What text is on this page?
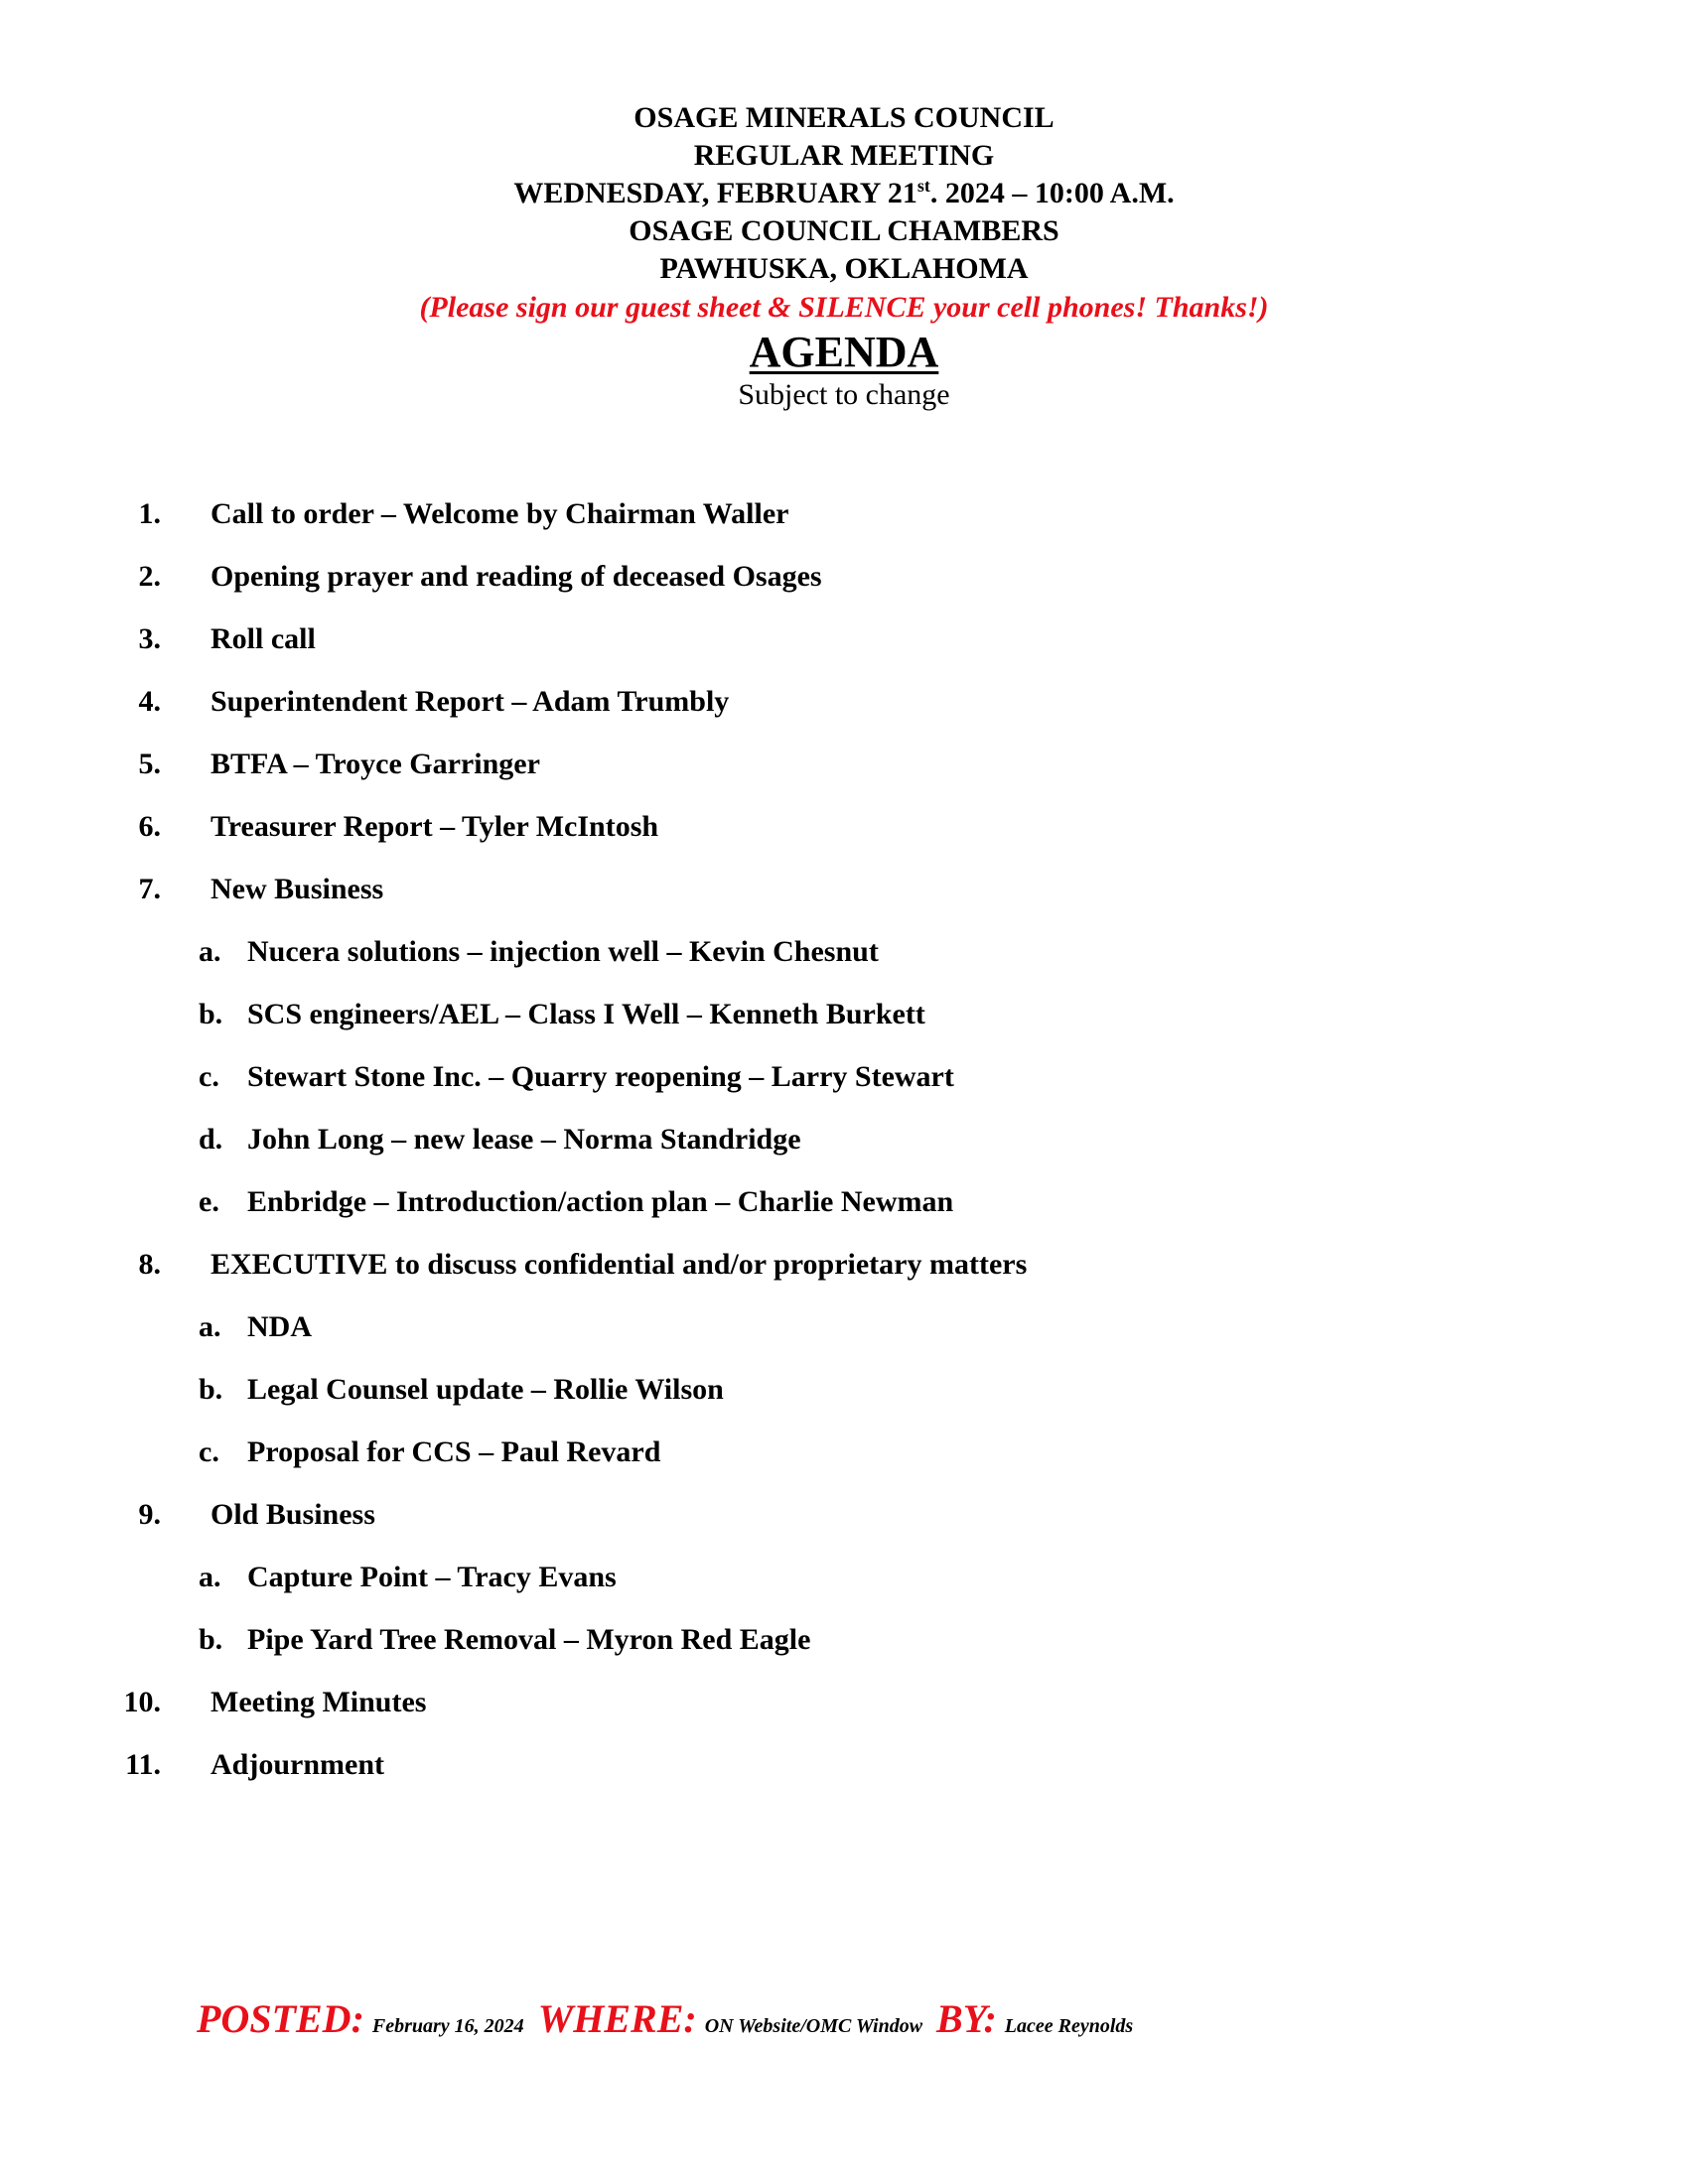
OSAGE MINERALS COUNCIL
REGULAR MEETING
WEDNESDAY, FEBRUARY 21st. 2024 – 10:00 A.M.
OSAGE COUNCIL CHAMBERS
PAWHUSKA, OKLAHOMA
(Please sign our guest sheet & SILENCE your cell phones! Thanks!)
AGENDA
Subject to change
1. Call to order – Welcome by Chairman Waller
2. Opening prayer and reading of deceased Osages
3. Roll call
4. Superintendent Report – Adam Trumbly
5. BTFA – Troyce Garringer
6. Treasurer Report – Tyler McIntosh
7. New Business
a. Nucera solutions – injection well – Kevin Chesnut
b. SCS engineers/AEL – Class I Well – Kenneth Burkett
c. Stewart Stone Inc. – Quarry reopening – Larry Stewart
d. John Long – new lease – Norma Standridge
e. Enbridge – Introduction/action plan – Charlie Newman
8. EXECUTIVE to discuss confidential and/or proprietary matters
a. NDA
b. Legal Counsel update – Rollie Wilson
c. Proposal for CCS – Paul Revard
9. Old Business
a. Capture Point – Tracy Evans
b. Pipe Yard Tree Removal – Myron Red Eagle
10. Meeting Minutes
11. Adjournment
POSTED: February 16, 2024 WHERE: ON Website/OMC Window BY: Lacee Reynolds
